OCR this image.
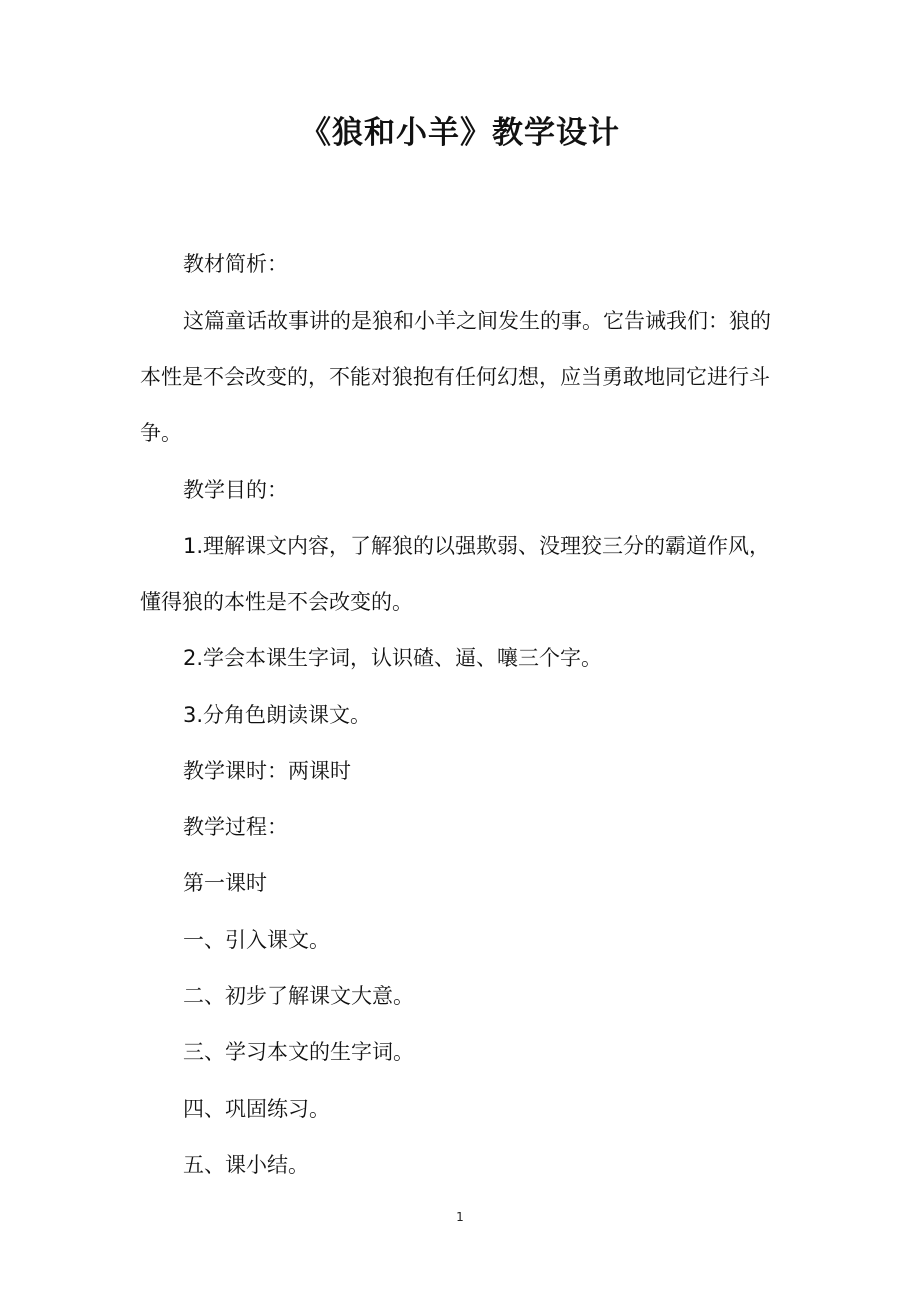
《狼和小羊》教学设计
教材简析：
这篇童话故事讲的是狼和小羊之间发生的事。它告诫我们：狼的
本性是不会改变的，不能对狼抱有任何幻想，应当勇敢地同它进行斗
争。
教学目的：
1.理解课文内容，了解狼的以强欺弱、没理狡三分的霸道作风，
懂得狼的本性是不会改变的。
2.学会本课生字词，认识碴、逼、嚷三个字。
3.分角色朗读课文。
教学课时：两课时
教学过程：
第一课时
一、引入课文。
二、初步了解课文大意。
三、学习本文的生字词。
四、巩固练习。
五、课小结。
1
